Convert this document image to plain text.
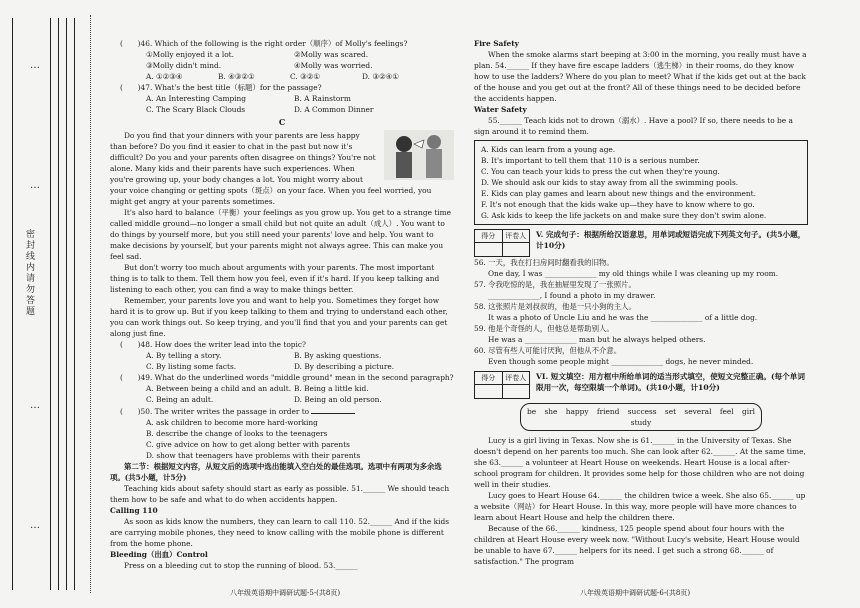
…
…
密封线内请勿答题
…
…

(　　)46. Which of the following is the right order（顺序）of Molly's feelings?

①Molly enjoyed it a lot.	②Molly was scared.
③Molly didn't mind.	④Molly was worried.
A. ①②③④	B. ④③②①	C. ③②①	D. ③②④①

(　　)47. What's the best title（标题）for the passage?

A. An Interesting Camping	B. A Rainstorm
C. The Scary Black Clouds	D. A Common Dinner
C

Do you find that your dinners with your parents are less happy than before? Do you find it easier to chat in the past but now it's difficult? Do you and your parents often disagree on things? You're not alone. Many kids and their parents have such experiences. When you're growing up, your body changes a lot. You might worry about your voice changing or getting spots（斑点）on your face. When you feel worried, you might get angry at your parents sometimes.

It's also hard to balance（平衡）your feelings as you grow up. You get to a strange time called middle ground—no longer a small child but not quite an adult（成人）. You want to do things by yourself more, but you still need your parents' love and help. You want to make decisions by yourself, but your parents might not always agree. This can make you feel sad.

But don't worry too much about arguments with your parents. The most important thing is to talk to them. Tell them how you feel, even if it's hard. If you keep talking and listening to each other, you can find a way to make things better.

Remember, your parents love you and want to help you. Sometimes they forget how hard it is to grow up. But if you keep talking to them and trying to understand each other, you can work things out. So keep trying, and you'll find that you and your parents can get along just fine.

(　　)48. How does the writer lead into the topic?

A. By telling a story.	B. By asking questions.
C. By listing some facts.	D. By describing a picture.

(　　)49. What do the underlined words "middle ground" mean in the second paragraph?

A. Between being a child and an adult. B. Being a little kid.
C. Being an adult.	D. Being an old person.

(　　)50. The writer writes the passage in order to

A. ask children to become more hard-working

B. describe the change of looks to the teenagers

C. give advice on how to get along better with parents

D. show that teenagers have problems with their parents

第二节：根据短文内容，从短文后的选项中选出能填入空白处的最佳选项。选项中有两项为多余选项。(共5小题，计5分)

Teaching kids about safety should start as early as possible. 51.______ We should teach them how to be safe and what to do when accidents happen.

Calling 110

As soon as kids know the numbers, they can learn to call 110. 52.______ And if the kids are carrying mobile phones, they need to know calling with the mobile phone is different from the home phone.

Bleeding（出血）Control

Press on a bleeding cut to stop the running of blood. 53.______

八年级英语期中调研试题-5-(共8页)

Fire Safety

When the smoke alarms start beeping at 3:00 in the morning, you really must have a plan. 54.______ If they have fire escape ladders（逃生梯）in their rooms, do they know how to use the ladders? Where do you plan to meet? What if the kids get out at the back of the house and you get out at the front? All of these things need to be decided before the accidents happen.

Water Safety

55.______ Teach kids not to drown（溺水）. Have a pool? If so, there needs to be a sign around it to remind them.

A. Kids can learn from a young age.

B. It's important to tell them that 110 is a serious number.

C. You can teach your kids to press the cut when they're young.

D. We should ask our kids to stay away from all the swimming pools.

E. Kids can play games and learn about new things and the environment.

F. It's not enough that the kids wake up—they have to know where to go.

G. Ask kids to keep the life jackets on and make sure they don't swim alone.

得分	评卷人	V. 完成句子：根据所给汉语意思，用单词或短语完成下列英文句子。(共5小题，计10分)

56. 一天，我在打扫房间时翻看我的旧物。

One day, I was ______________ my old things while I was cleaning up my room.

57. 令我吃惊的是，我在抽屉里发现了一张照片。

______________, I found a photo in my drawer.

58. 这张照片是刘叔叔的，他是一只小狗的主人。

It was a photo of Uncle Liu and he was the ______________ of a little dog.

59. 他是个奇怪的人，但他总是帮助别人。

He was a ______________ man but he always helped others.

60. 尽管有些人可能讨厌狗，但他从不介意。

Even though some people might ______________ dogs, he never minded.

得分	评卷人	VI. 短文填空：用方框中所给单词的适当形式填空，使短文完整正确。(每个单词限用一次，每空限填一个单词)。(共10小题，计10分)

be she happy friend success set several feel girl study

Lucy is a girl living in Texas. Now she is 61.______ in the University of Texas. She doesn't depend on her parents too much. She can look after 62.______. At the same time, she 63.______ a volunteer at Heart House on weekends. Heart House is a local after-school program for children. It provides some help for those children who are not doing well in their studies.

Lucy goes to Heart House 64.______ the children twice a week. She also 65.______ up a website（网站）for Heart House. In this way, more people will have more chances to learn about Heart House and help the children there.

Because of the 66.______ kindness, 125 people spend about four hours with the children at Heart House every week now. "Without Lucy's website, Heart House would be unable to have 67.______ helpers for its need. I get such a strong 68.______ of satisfaction." The program

八年级英语期中调研试题-6-(共8页)
